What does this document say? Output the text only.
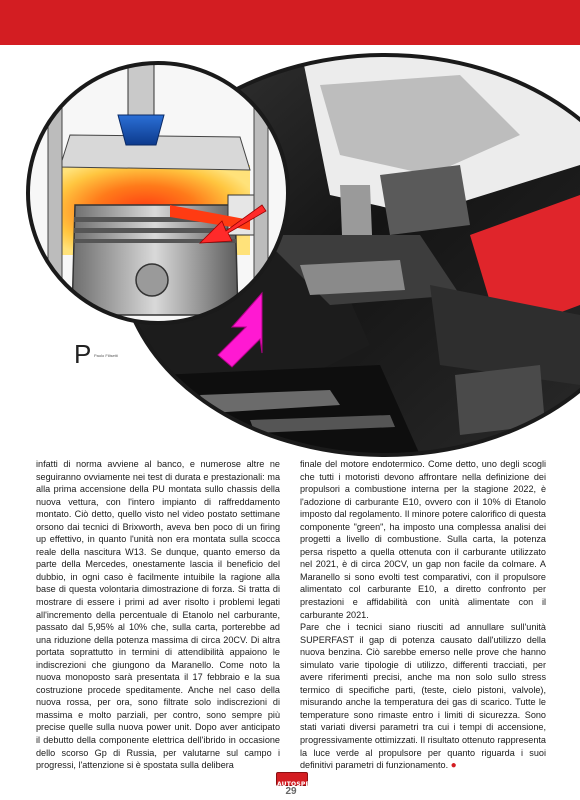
P Paolo Filisetti

infatti di norma avviene al banco, e numerose altre ne seguiranno ovviamente nei test di durata e prestazionali: ma alla prima accensione della PU montata sullo chassis della nuova vettura, con l'intero impianto di raffreddamento montato. Ciò detto, quello visto nel video postato settimane orsono dai tecnici di Brixworth, aveva ben poco di un firing up effettivo, in quanto l'unità non era montata sulla scocca reale della nascitura W13. Se dunque, quanto emerso da parte della Mercedes, onestamente lascia il beneficio del dubbio, in ogni caso è facilmente intuibile la ragione alla base di questa volontaria dimostrazione di forza. Si tratta di mostrare di essere i primi ad aver risolto i problemi legati all'incremento della percentuale di Etanolo nel carburante, passato dal 5,95% al 10% che, sulla carta, porterebbe ad una riduzione della potenza massima di circa 20CV. Di altra portata soprattutto in termini di attendibilità appaiono le indiscrezioni che giungono da Maranello. Come noto la nuova monoposto sarà presentata il 17 febbraio e la sua costruzione procede speditamente. Anche nel caso della nuova rossa, per ora, sono filtrate solo indiscrezioni di massima e molto parziali, per contro, sono sempre più precise quelle sulla nuova power unit. Dopo aver anticipato il debutto della componente elettrica dell'ibrido in occasione dello scorso Gp di Russia, per valutarne sul campo i progressi, l'attenzione si è spostata sulla delibera

finale del motore endotermico. Come detto, uno degli scogli che tutti i motoristi devono affrontare nella definizione dei propulsori a combustione interna per la stagione 2022, è l'adozione di carburante E10, ovvero con il 10% di Etanolo imposto dal regolamento. Il minore potere calorifico di questa componente "green", ha imposto una complessa analisi dei progetti a livello di combustione. Sulla carta, la potenza persa rispetto a quella ottenuta con il carburante utilizzato nel 2021, è di circa 20CV, un gap non facile da colmare. A Maranello si sono evolti test comparativi, con il propulsore alimentato col carburante E10, a diretto confronto per prestazioni e affidabilità con unità alimentate con il carburante 2021.

Pare che i tecnici siano riusciti ad annullare sull'unità SUPERFAST il gap di potenza causato dall'utilizzo della nuova benzina. Ciò sarebbe emerso nelle prove che hanno simulato varie tipologie di utilizzo, differenti tracciati, per avere riferimenti precisi, anche ma non solo sullo stress termico di specifiche parti, (teste, cielo pistoni, valvole), misurando anche la temperatura dei gas di scarico. Tutte le temperature sono rimaste entro i limiti di sicurezza. Sono stati variati diversi parametri tra cui i tempi di accensione, progressivamente ottimizzati. Il risultato ottenuto rappresenta la luce verde al propulsore per quanto riguarda i suoi definitivi parametri di funzionamento. ●

AUTOSPRINT
29
